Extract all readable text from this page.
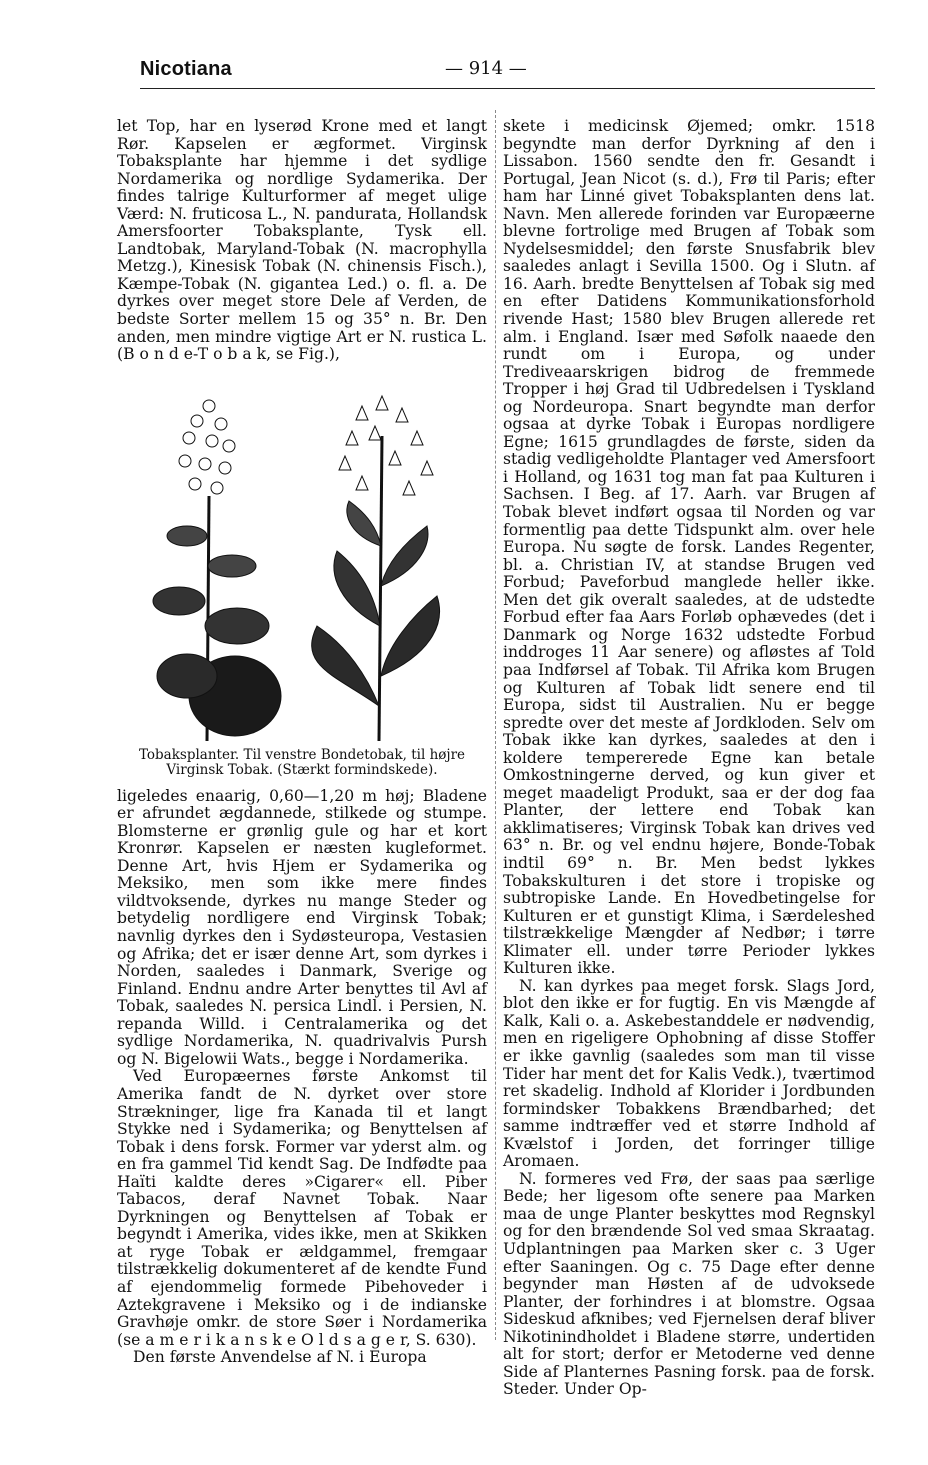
Nicotiana	— 914 —

let Top, har en lyserød Krone med et langt Rør. Kapselen er ægformet. Virginsk Tobaksplante har hjemme i det sydlige Nordamerika og nordlige Sydamerika. Der findes talrige Kulturformer af meget ulige Værd: N. fruticosa L., N. pandurata, Hollandsk Amersfoorter Tobaksplante, Tysk ell. Landtobak, Maryland-Tobak (N. macrophylla Metzg.), Kinesisk Tobak (N. chinensis Fisch.), Kæmpe-Tobak (N. gigantea Led.) o. fl. a. De dyrkes over meget store Dele af Verden, de bedste Sorter mellem 15 og 35° n. Br. Den anden, men mindre vigtige Art er N. rustica L. (B o n d e-T o b a k, se Fig.),

Tobaksplanter. Til venstre Bondetobak, til højre Virginsk Tobak. (Stærkt formindskede).

ligeledes enaarig, 0,60—1,20 m høj; Bladene er afrundet ægdannede, stilkede og stumpe. Blomsterne er grønlig gule og har et kort Kronrør. Kapselen er næsten kugleformet. Denne Art, hvis Hjem er Sydamerika og Meksiko, men som ikke mere findes vildtvoksende, dyrkes nu mange Steder og betydelig nordligere end Virginsk Tobak; navnlig dyrkes den i Sydøsteuropa, Vestasien og Afrika; det er især denne Art, som dyrkes i Norden, saaledes i Danmark, Sverige og Finland. Endnu andre Arter benyttes til Avl af Tobak, saaledes N. persica Lindl. i Persien, N. repanda Willd. i Centralamerika og det sydlige Nordamerika, N. quadrivalvis Pursh og N. Bigelowii Wats., begge i Nordamerika.

Ved Europæernes første Ankomst til Amerika fandt de N. dyrket over store Strækninger, lige fra Kanada til et langt Stykke ned i Sydamerika; og Benyttelsen af Tobak i dens forsk. Former var yderst alm. og en fra gammel Tid kendt Sag. De Indfødte paa Haïti kaldte deres »Cigarer« ell. Piber Tabacos, deraf Navnet Tobak. Naar Dyrkningen og Benyttelsen af Tobak er begyndt i Amerika, vides ikke, men at Skikken at ryge Tobak er ældgammel, fremgaar tilstrækkelig dokumenteret af de kendte Fund af ejendommelig formede Pibehoveder i Aztekgravene i Meksiko og i de indianske Gravhøje omkr. de store Søer i Nordamerika (se a m e r i k a n s k e O l d s a g e r, S. 630).

Den første Anvendelse af N. i Europa

skete i medicinsk Øjemed; omkr. 1518 begyndte man derfor Dyrkning af den i Lissabon. 1560 sendte den fr. Gesandt i Portugal, Jean Nicot (s. d.), Frø til Paris; efter ham har Linné givet Tobaksplanten dens lat. Navn. Men allerede forinden var Europæerne blevne fortrolige med Brugen af Tobak som Nydelsesmiddel; den første Snusfabrik blev saaledes anlagt i Sevilla 1500. Og i Slutn. af 16. Aarh. bredte Benyttelsen af Tobak sig med en efter Datidens Kommunikationsforhold rivende Hast; 1580 blev Brugen allerede ret alm. i England. Især med Søfolk naaede den rundt om i Europa, og under Trediveaarskrigen bidrog de fremmede Tropper i høj Grad til Udbredelsen i Tyskland og Nordeuropa. Snart begyndte man derfor ogsaa at dyrke Tobak i Europas nordligere Egne; 1615 grundlagdes de første, siden da stadig vedligeholdte Plantager ved Amersfoort i Holland, og 1631 tog man fat paa Kulturen i Sachsen. I Beg. af 17. Aarh. var Brugen af Tobak blevet indført ogsaa til Norden og var formentlig paa dette Tidspunkt alm. over hele Europa. Nu søgte de forsk. Landes Regenter, bl. a. Christian IV, at standse Brugen ved Forbud; Paveforbud manglede heller ikke. Men det gik overalt saaledes, at de udstedte Forbud efter faa Aars Forløb ophævedes (det i Danmark og Norge 1632 udstedte Forbud inddroges 11 Aar senere) og afløstes af Told paa Indførsel af Tobak. Til Afrika kom Brugen og Kulturen af Tobak lidt senere end til Europa, sidst til Australien. Nu er begge spredte over det meste af Jordkloden. Selv om Tobak ikke kan dyrkes, saaledes at den i koldere tempererede Egne kan betale Omkostningerne derved, og kun giver et meget maadeligt Produkt, saa er der dog faa Planter, der lettere end Tobak kan akklimatiseres; Virginsk Tobak kan drives ved 63° n. Br. og vel endnu højere, Bonde-Tobak indtil 69° n. Br. Men bedst lykkes Tobakskulturen i det store i tropiske og subtropiske Lande. En Hovedbetingelse for Kulturen er et gunstigt Klima, i Særdeleshed tilstrækkelige Mængder af Nedbør; i tørre Klimater ell. under tørre Perioder lykkes Kulturen ikke.

N. kan dyrkes paa meget forsk. Slags Jord, blot den ikke er for fugtig. En vis Mængde af Kalk, Kali o. a. Askebestanddele er nødvendig, men en rigeligere Ophobning af disse Stoffer er ikke gavnlig (saaledes som man til visse Tider har ment det for Kalis Vedk.), tværtimod ret skadelig. Indhold af Klorider i Jordbunden formindsker Tobakkens Brændbarhed; det samme indtræffer ved et større Indhold af Kvælstof i Jorden, det forringer tillige Aromaen.

N. formeres ved Frø, der saas paa særlige Bede; her ligesom ofte senere paa Marken maa de unge Planter beskyttes mod Regnskyl og for den brændende Sol ved smaa Skraatag. Udplantningen paa Marken sker c. 3 Uger efter Saaningen. Og c. 75 Dage efter denne begynder man Høsten af de udvoksede Planter, der forhindres i at blomstre. Ogsaa Sideskud afknibes; ved Fjernelsen deraf bliver Nikotinindholdet i Bladene større, undertiden alt for stort; derfor er Metoderne ved denne Side af Planternes Pasning forsk. paa de forsk. Steder. Under Op-
